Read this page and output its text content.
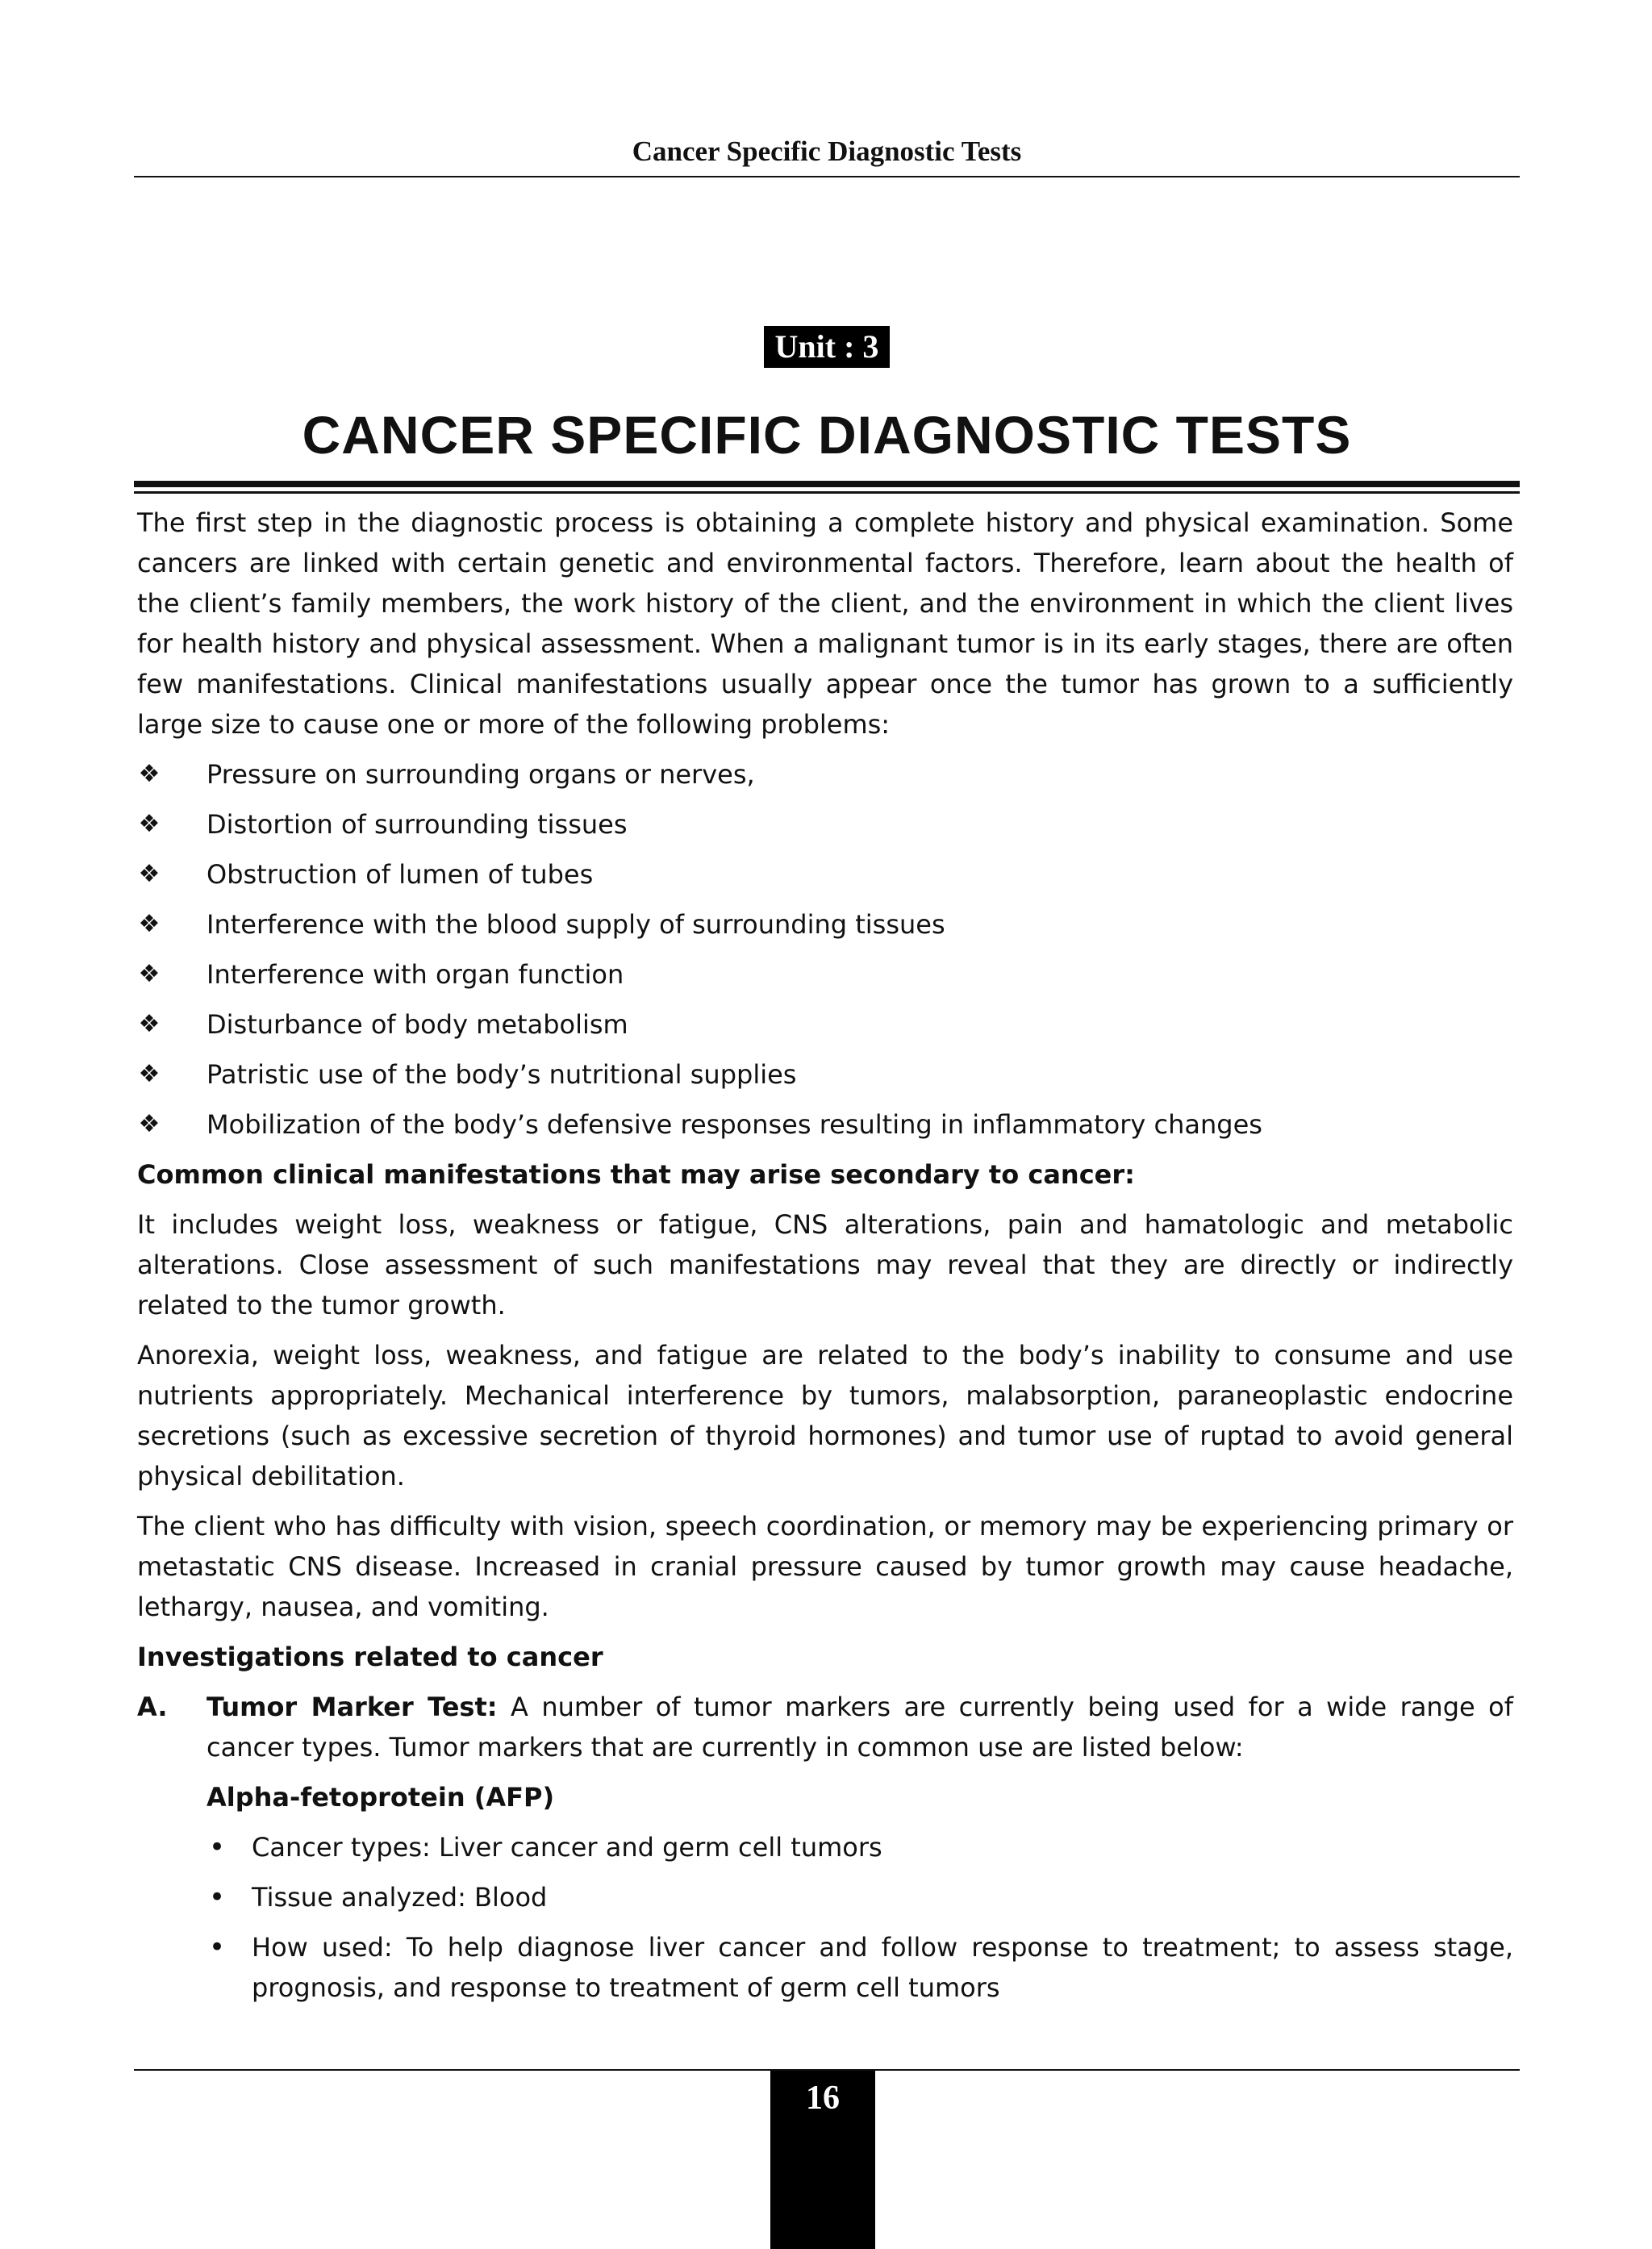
Cancer Specific Diagnostic Tests
Unit : 3
CANCER SPECIFIC DIAGNOSTIC TESTS

The first step in the diagnostic process is obtaining a complete history and physical examination. Some cancers are linked with certain genetic and environmental factors. Therefore, learn about the health of the client’s family members, the work history of the client, and the environment in which the client lives for health history and physical assessment. When a malignant tumor is in its early stages, there are often few manifestations. Clinical manifestations usually appear once the tumor has grown to a sufficiently large size to cause one or more of the following problems:

❖ Pressure on surrounding organs or nerves,
❖ Distortion of surrounding tissues
❖ Obstruction of lumen of tubes
❖ Interference with the blood supply of surrounding tissues
❖ Interference with organ function
❖ Disturbance of body metabolism
❖ Patristic use of the body’s nutritional supplies
❖ Mobilization of the body’s defensive responses resulting in inflammatory changes
Common clinical manifestations that may arise secondary to cancer:

It includes weight loss, weakness or fatigue, CNS alterations, pain and hamatologic and metabolic alterations. Close assessment of such manifestations may reveal that they are directly or indirectly related to the tumor growth.

Anorexia, weight loss, weakness, and fatigue are related to the body’s inability to consume and use nutrients appropriately. Mechanical interference by tumors, malabsorption, paraneoplastic endocrine secretions (such as excessive secretion of thyroid hormones) and tumor use of ruptad to avoid general physical debilitation.

The client who has difficulty with vision, speech coordination, or memory may be experiencing primary or metastatic CNS disease. Increased in cranial pressure caused by tumor growth may cause headache, lethargy, nausea, and vomiting.

Investigations related to cancer

A. Tumor Marker Test: A number of tumor markers are currently being used for a wide range of cancer types. Tumor markers that are currently in common use are listed below:

Alpha-fetoprotein (AFP)
• Cancer types: Liver cancer and germ cell tumors
• Tissue analyzed: Blood
• How used: To help diagnose liver cancer and follow response to treatment; to assess stage, prognosis, and response to treatment of germ cell tumors
16
